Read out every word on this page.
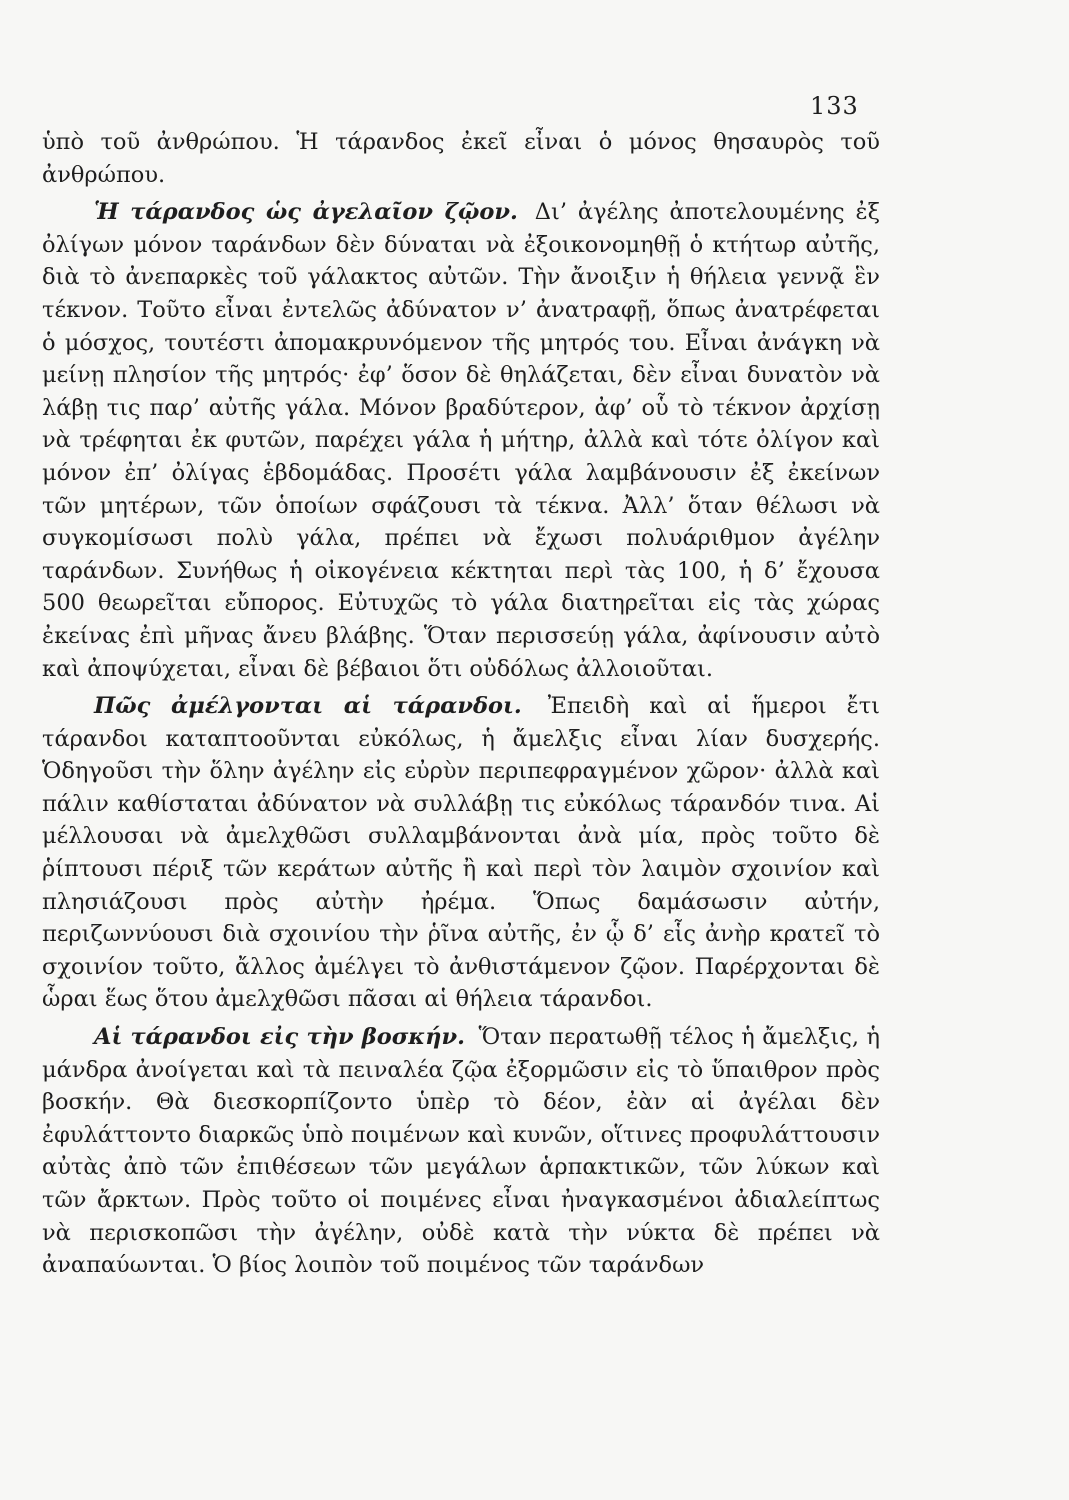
133

ὑπὸ τοῦ ἀνθρώπου. Ἡ τάρανδος ἐκεῖ εἶναι ὁ μόνος θησαυρὸς τοῦ ἀνθρώπου.

Ἡ τάρανδος ὡς ἀγελαῖον ζῷον. Δι’ ἀγέλης ἀποτελουμένης ἐξ ὀλίγων μόνον ταράνδων δὲν δύναται νὰ ἐξοικονομηθῇ ὁ κτήτωρ αὐτῆς, διὰ τὸ ἀνεπαρκὲς τοῦ γάλακτος αὐτῶν. Τὴν ἄνοιξιν ἡ θήλεια γεννᾷ ἓν τέκνον. Τοῦτο εἶναι ἐντελῶς ἀδύνατον ν’ ἀνατραφῇ, ὅπως ἀνατρέφεται ὁ μόσχος, τουτέστι ἀπομακρυνόμενον τῆς μητρός του. Εἶναι ἀνάγκη νὰ μείνῃ πλησίον τῆς μητρός· ἐφ’ ὅσον δὲ θηλάζεται, δὲν εἶναι δυνατὸν νὰ λάβῃ τις παρ’ αὐτῆς γάλα. Μόνον βραδύτερον, ἀφ’ οὗ τὸ τέκνον ἀρχίσῃ νὰ τρέφηται ἐκ φυτῶν, παρέχει γάλα ἡ μήτηρ, ἀλλὰ καὶ τότε ὀλίγον καὶ μόνον ἐπ’ ὀλίγας ἑβδομάδας. Προσέτι γάλα λαμβάνουσιν ἐξ ἐκείνων τῶν μητέρων, τῶν ὁποίων σφάζουσι τὰ τέκνα. Ἀλλ’ ὅταν θέλωσι νὰ συγκομίσωσι πολὺ γάλα, πρέπει νὰ ἔχωσι πολυάριθμον ἀγέλην ταράνδων. Συνήθως ἡ οἰκογένεια κέκτηται περὶ τὰς 100, ἡ δ’ ἔχουσα 500 θεωρεῖται εὔπορος. Εὐτυχῶς τὸ γάλα διατηρεῖται εἰς τὰς χώρας ἐκείνας ἐπὶ μῆνας ἄνευ βλάβης. Ὅταν περισσεύῃ γάλα, ἀφίνουσιν αὐτὸ καὶ ἀποψύχεται, εἶναι δὲ βέβαιοι ὅτι οὐδόλως ἀλλοιοῦται.

Πῶς ἀμέλγονται αἱ τάρανδοι. Ἐπειδὴ καὶ αἱ ἥμεροι ἔτι τάρανδοι καταπτοοῦνται εὐκόλως, ἡ ἄμελξις εἶναι λίαν δυσχερής. Ὁδηγοῦσι τὴν ὅλην ἀγέλην εἰς εὐρὺν περιπεφραγμένον χῶρον· ἀλλὰ καὶ πάλιν καθίσταται ἀδύνατον νὰ συλλάβῃ τις εὐκόλως τάρανδόν τινα. Αἱ μέλλουσαι νὰ ἀμελχθῶσι συλλαμβάνονται ἀνὰ μία, πρὸς τοῦτο δὲ ῥίπτουσι πέριξ τῶν κεράτων αὐτῆς ἢ καὶ περὶ τὸν λαιμὸν σχοινίον καὶ πλησιάζουσι πρὸς αὐτὴν ἠρέμα. Ὅπως δαμάσωσιν αὐτήν, περιζωννύουσι διὰ σχοινίου τὴν ῥῖνα αὐτῆς, ἐν ᾧ δ’ εἷς ἀνὴρ κρατεῖ τὸ σχοινίον τοῦτο, ἄλλος ἀμέλγει τὸ ἀνθιστάμενον ζῷον. Παρέρχονται δὲ ὧραι ἕως ὅτου ἀμελχθῶσι πᾶσαι αἱ θήλεια τάρανδοι.

Αἱ τάρανδοι εἰς τὴν βοσκήν. Ὅταν περατωθῇ τέλος ἡ ἄμελξις, ἡ μάνδρα ἀνοίγεται καὶ τὰ πειναλέα ζῷα ἐξορμῶσιν εἰς τὸ ὕπαιθρον πρὸς βοσκήν. Θὰ διεσκορπίζοντο ὑπὲρ τὸ δέον, ἐὰν αἱ ἀγέλαι δὲν ἐφυλάττοντο διαρκῶς ὑπὸ ποιμένων καὶ κυνῶν, οἵτινες προφυλάττουσιν αὐτὰς ἀπὸ τῶν ἐπιθέσεων τῶν μεγάλων ἁρπακτικῶν, τῶν λύκων καὶ τῶν ἄρκτων. Πρὸς τοῦτο οἱ ποιμένες εἶναι ἠναγκασμένοι ἀδιαλείπτως νὰ περισκοπῶσι τὴν ἀγέλην, οὐδὲ κατὰ τὴν νύκτα δὲ πρέπει νὰ ἀναπαύωνται. Ὁ βίος λοιπὸν τοῦ ποιμένος τῶν ταράνδων
